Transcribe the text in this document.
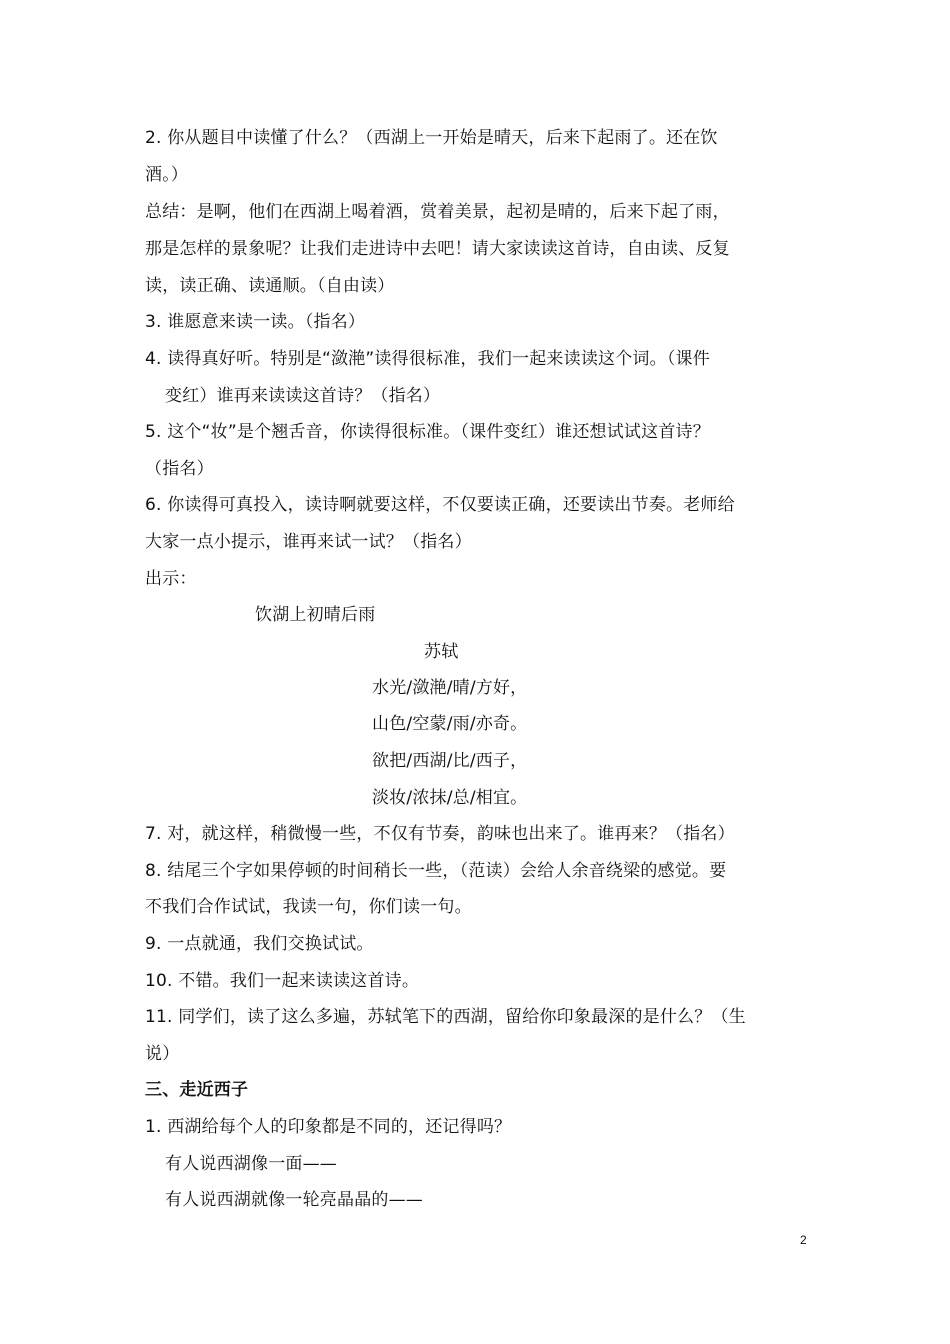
2. 你从题目中读懂了什么？（西湖上一开始是晴天，后来下起雨了。还在饮
酒。）
总结：是啊，他们在西湖上喝着酒，赏着美景，起初是晴的，后来下起了雨，
那是怎样的景象呢？让我们走进诗中去吧！请大家读读这首诗，自由读、反复
读，读正确、读通顺。（自由读）
3. 谁愿意来读一读。（指名）
4. 读得真好听。特别是“潋滟”读得很标准，我们一起来读读这个词。（课件
变红）谁再来读读这首诗？（指名）
5. 这个“妆”是个翘舌音，你读得很标准。（课件变红）谁还想试试这首诗？
（指名）
6. 你读得可真投入，读诗啊就要这样，不仅要读正确，还要读出节奏。老师给
大家一点小提示，谁再来试一试？（指名）
出示：
饮湖上初晴后雨
苏轼
水光/潋滟/晴/方好，
山色/空蒙/雨/亦奇。
欲把/西湖/比/西子，
淡妆/浓抹/总/相宜。
7. 对，就这样，稍微慢一些，不仅有节奏，韵味也出来了。谁再来？（指名）
8. 结尾三个字如果停顿的时间稍长一些，（范读）会给人余音绕梁的感觉。要
不我们合作试试，我读一句，你们读一句。
9. 一点就通，我们交换试试。
10. 不错。我们一起来读读这首诗。
11. 同学们，读了这么多遍，苏轼笔下的西湖，留给你印象最深的是什么？（生
说）
三、走近西子
1. 西湖给每个人的印象都是不同的，还记得吗？
有人说西湖像一面——
有人说西湖就像一轮亮晶晶的——
2
